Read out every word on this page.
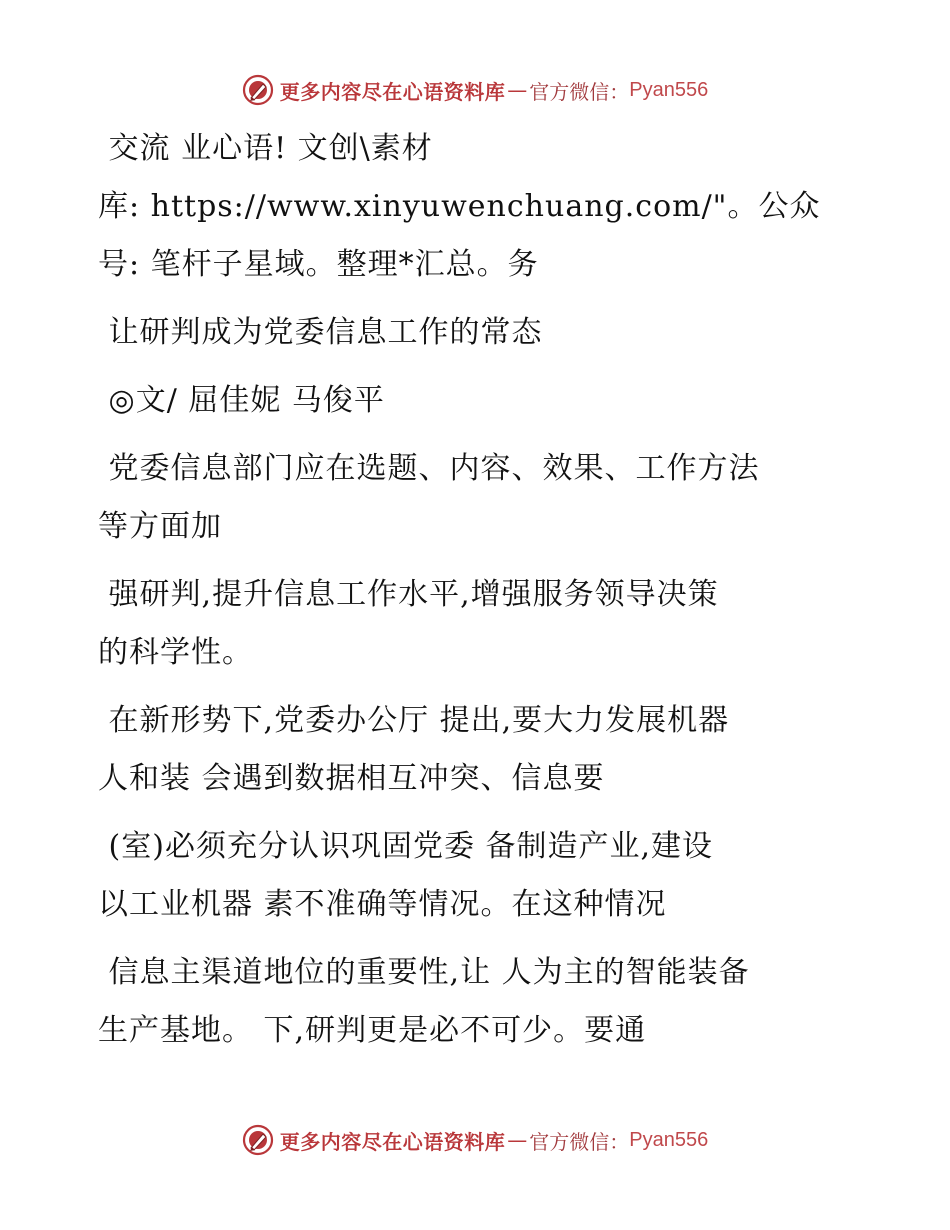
更多内容尽在心语资料库 — 官方微信： Pyan556

交流 业心语! 文创\素材

库: https://www.xinyuwenchuang.com/"。公众

号: 笔杆子星域。整理*汇总。务

让研判成为党委信息工作的常态

◎文/ 屈佳妮 马俊平

党委信息部门应在选题、内容、效果、工作方法

等方面加

强研判,提升信息工作水平,增强服务领导决策

的科学性。

在新形势下,党委办公厅 提出,要大力发展机器

人和装 会遇到数据相互冲突、信息要

(室)必须充分认识巩固党委 备制造产业,建设

以工业机器 素不准确等情况。在这种情况

信息主渠道地位的重要性,让 人为主的智能装备

生产基地。 下,研判更是必不可少。要通

更多内容尽在心语资料库 — 官方微信： Pyan556
